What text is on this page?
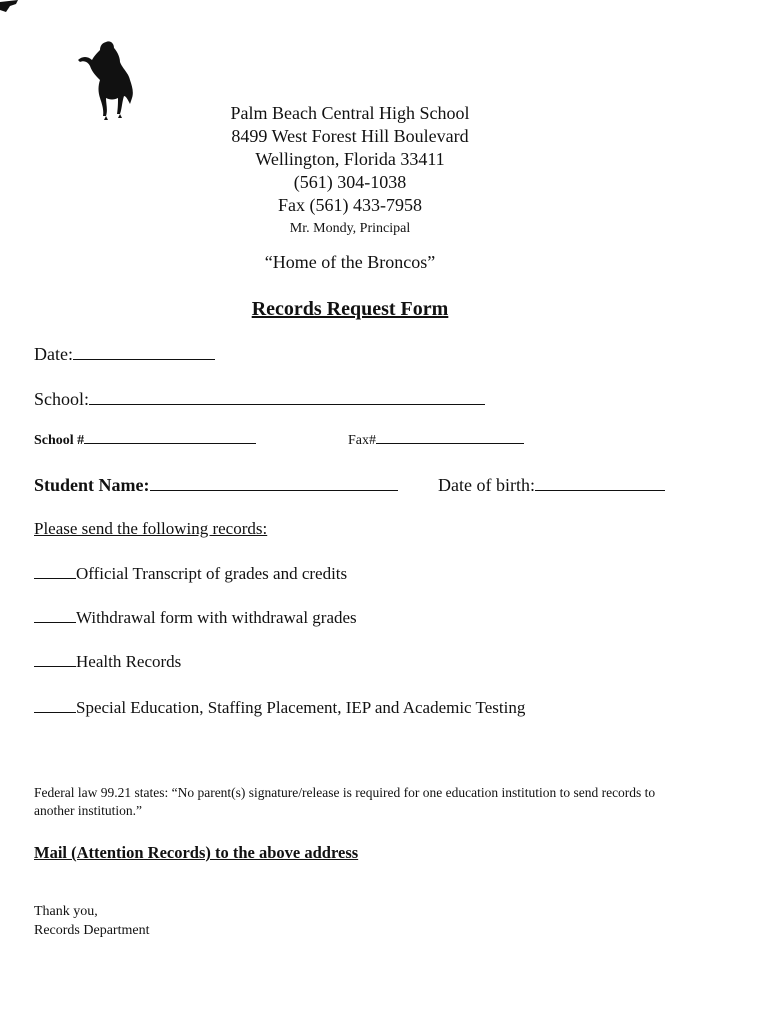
Palm Beach Central High School
8499 West Forest Hill Boulevard
Wellington, Florida 33411
(561) 304-1038
Fax (561) 433-7958
Mr. Mondy, Principal
“Home of the Broncos”
Records Request Form
Date:
School:
School #	Fax#
Student Name:	Date of birth:
Please send the following records:
Official Transcript of grades and credits
Withdrawal form with withdrawal grades
Health Records
Special Education, Staffing Placement, IEP and Academic Testing
Federal law 99.21 states: “No parent(s) signature/release is required for one education institution to send records to another institution.”
Mail (Attention Records) to the above address
Thank you,
Records Department
